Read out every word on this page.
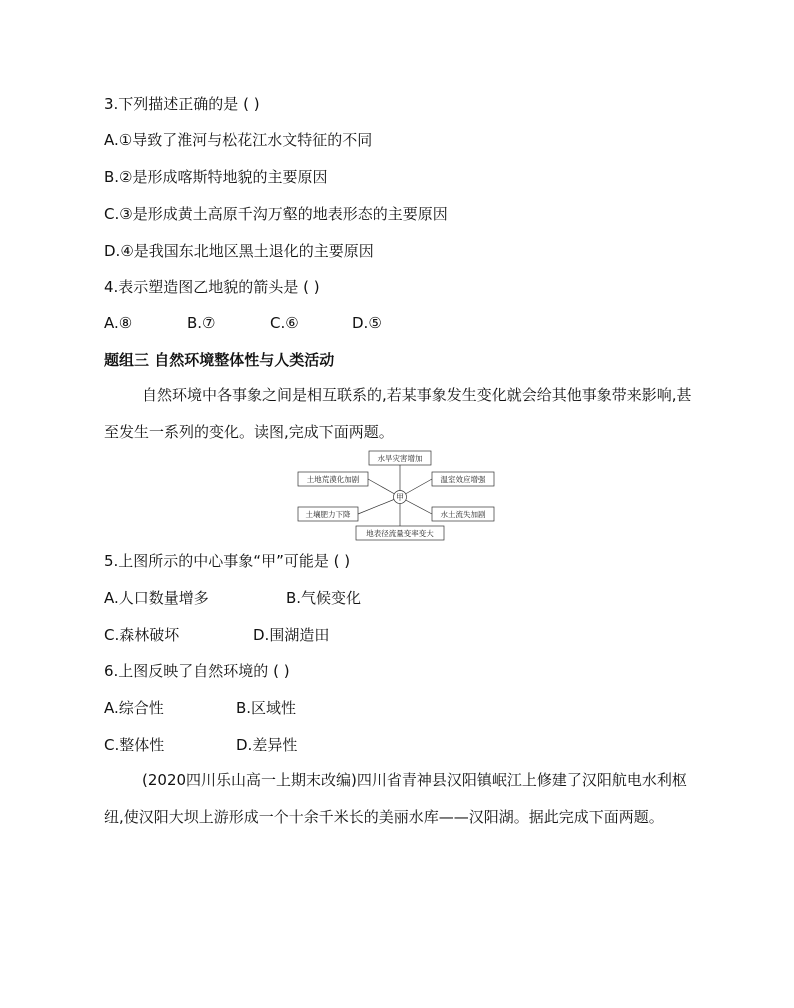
3.下列描述正确的是 ( )
A.①导致了淮河与松花江水文特征的不同
B.②是形成喀斯特地貌的主要原因
C.③是形成黄土高原千沟万壑的地表形态的主要原因
D.④是我国东北地区黑土退化的主要原因
4.表示塑造图乙地貌的箭头是 ( )
A.⑧	B.⑦	C.⑥	D.⑤
题组三 自然环境整体性与人类活动
自然环境中各事象之间是相互联系的,若某事象发生变化就会给其他事象带来影响,甚至发生一系列的变化。读图,完成下面两题。
水旱灾害增加
土地荒漠化加剧	温室效应增强
土壤肥力下降	水土流失加剧
地表径流量变率变大
甲
5.上图所示的中心事象“甲”可能是 ( )
A.人口数量增多	B.气候变化
C.森林破坏	D.围湖造田
6.上图反映了自然环境的 ( )
A.综合性	B.区域性
C.整体性	D.差异性
(2020四川乐山高一上期末改编)四川省青神县汉阳镇岷江上修建了汉阳航电水利枢纽,使汉阳大坝上游形成一个十余千米长的美丽水库——汉阳湖。据此完成下面两题。
